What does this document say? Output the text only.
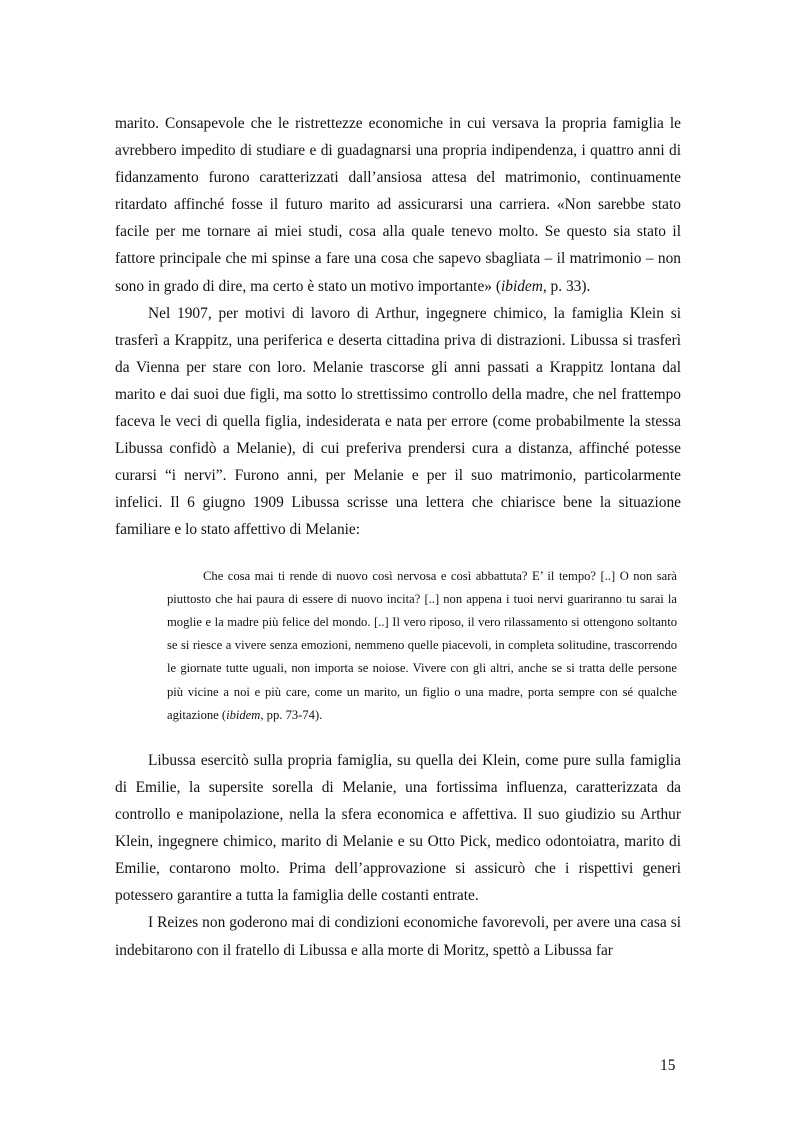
marito. Consapevole che le ristrettezze economiche in cui versava la propria famiglia le avrebbero impedito di studiare e di guadagnarsi una propria indipendenza, i quattro anni di fidanzamento furono caratterizzati dall’ansiosa attesa del matrimonio, continuamente ritardato affinché fosse il futuro marito ad assicurarsi una carriera. «Non sarebbe stato facile per me tornare ai miei studi, cosa alla quale tenevo molto. Se questo sia stato il fattore principale che mi spinse a fare una cosa che sapevo sbagliata – il matrimonio – non sono in grado di dire, ma certo è stato un motivo importante» (ibidem, p. 33).

Nel 1907, per motivi di lavoro di Arthur, ingegnere chimico, la famiglia Klein si trasferì a Krappitz, una periferica e deserta cittadina priva di distrazioni. Libussa si trasferì da Vienna per stare con loro. Melanie trascorse gli anni passati a Krappitz lontana dal marito e dai suoi due figli, ma sotto lo strettissimo controllo della madre, che nel frattempo faceva le veci di quella figlia, indesiderata e nata per errore (come probabilmente la stessa Libussa confidò a Melanie), di cui preferiva prendersi cura a distanza, affinché potesse curarsi “i nervi”. Furono anni, per Melanie e per il suo matrimonio, particolarmente infelici. Il 6 giugno 1909 Libussa scrisse una lettera che chiarisce bene la situazione familiare e lo stato affettivo di Melanie:

Che cosa mai ti rende di nuovo così nervosa e così abbattuta? E’ il tempo? [..] O non sarà piuttosto che hai paura di essere di nuovo incita? [..] non appena i tuoi nervi guariranno tu sarai la moglie e la madre più felice del mondo. [..] Il vero riposo, il vero rilassamento si ottengono soltanto se si riesce a vivere senza emozioni, nemmeno quelle piacevoli, in completa solitudine, trascorrendo le giornate tutte uguali, non importa se noiose. Vivere con gli altri, anche se si tratta delle persone più vicine a noi e più care, come un marito, un figlio o una madre, porta sempre con sé qualche agitazione (ibidem, pp. 73-74).

Libussa esercitò sulla propria famiglia, su quella dei Klein, come pure sulla famiglia di Emilie, la supersite sorella di Melanie, una fortissima influenza, caratterizzata da controllo e manipolazione, nella la sfera economica e affettiva. Il suo giudizio su Arthur Klein, ingegnere chimico, marito di Melanie e su Otto Pick, medico odontoiatra, marito di Emilie, contarono molto. Prima dell’approvazione si assicurò che i rispettivi generi potessero garantire a tutta la famiglia delle costanti entrate.

I Reizes non goderono mai di condizioni economiche favorevoli, per avere una casa si indebitarono con il fratello di Libussa e alla morte di Moritz, spettò a Libussa far

15
